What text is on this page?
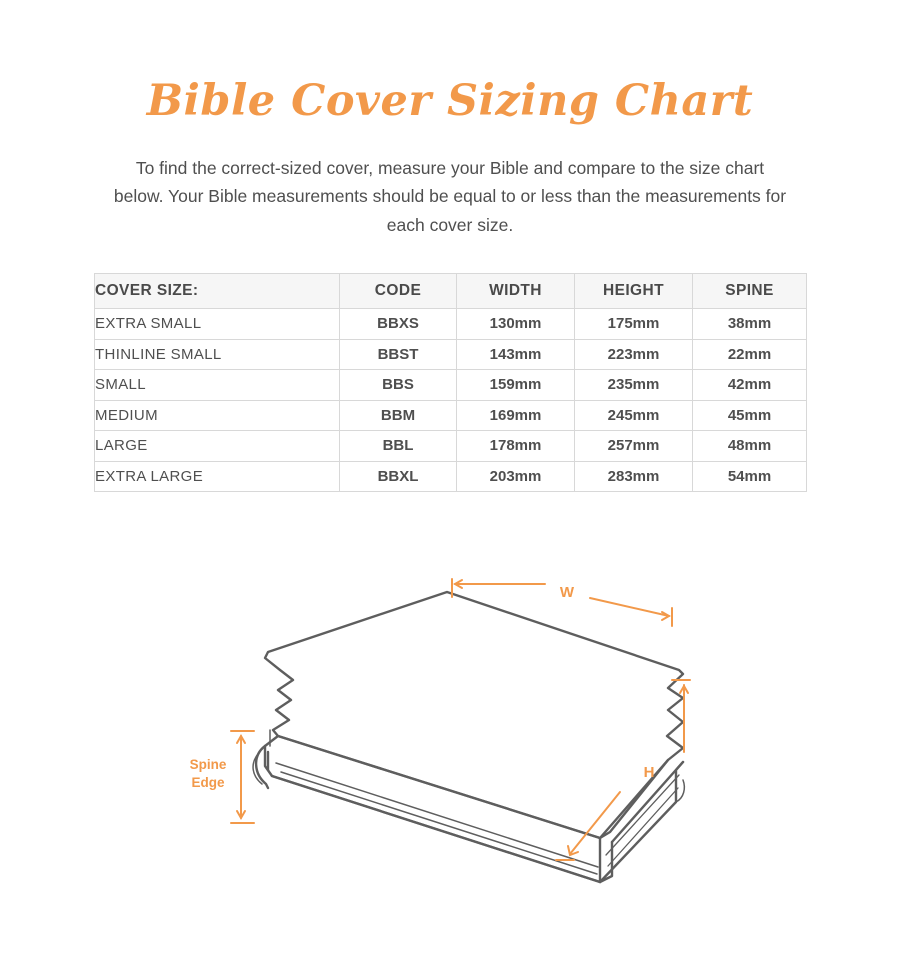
Bible Cover Sizing Chart

To find the correct-sized cover, measure your Bible and compare to the size chart below. Your Bible measurements should be equal to or less than the measurements for each cover size.

COVER SIZE:	CODE	WIDTH	HEIGHT	SPINE
EXTRA SMALL	BBXS	130mm	175mm	38mm
THINLINE SMALL	BBST	143mm	223mm	22mm
SMALL	BBS	159mm	235mm	42mm
MEDIUM	BBM	169mm	245mm	45mm
LARGE	BBL	178mm	257mm	48mm
EXTRA LARGE	BBXL	203mm	283mm	54mm
W
H
Spine
Edge
